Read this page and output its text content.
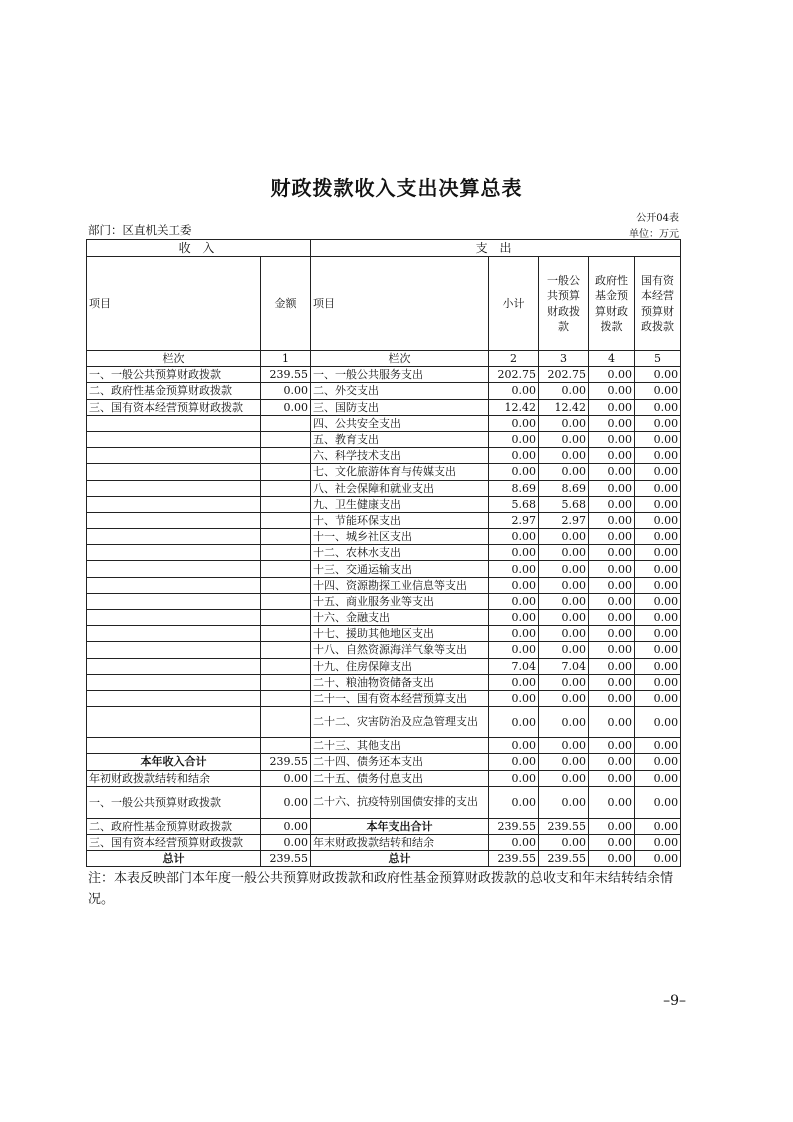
财政拨款收入支出决算总表
公开04表
部门：区直机关工委	单位：万元
收 入		支 出				
项目	金额	项目	小计	一般公共预算财政拨款	政府性基金预算财政拨款	国有资本经营预算财政拨款
栏次	1	栏次	2	3	4	5
一、一般公共预算财政拨款	239.55	一、一般公共服务支出	202.75	202.75	0.00	0.00
二、政府性基金预算财政拨款	0.00	二、外交支出	0.00	0.00	0.00	0.00
三、国有资本经营预算财政拨款	0.00	三、国防支出	12.42	12.42	0.00	0.00
		四、公共安全支出	0.00	0.00	0.00	0.00
		五、教育支出	0.00	0.00	0.00	0.00
		六、科学技术支出	0.00	0.00	0.00	0.00
		七、文化旅游体育与传媒支出	0.00	0.00	0.00	0.00
		八、社会保障和就业支出	8.69	8.69	0.00	0.00
		九、卫生健康支出	5.68	5.68	0.00	0.00
		十、节能环保支出	2.97	2.97	0.00	0.00
		十一、城乡社区支出	0.00	0.00	0.00	0.00
		十二、农林水支出	0.00	0.00	0.00	0.00
		十三、交通运输支出	0.00	0.00	0.00	0.00
		十四、资源勘探工业信息等支出	0.00	0.00	0.00	0.00
		十五、商业服务业等支出	0.00	0.00	0.00	0.00
		十六、金融支出	0.00	0.00	0.00	0.00
		十七、援助其他地区支出	0.00	0.00	0.00	0.00
		十八、自然资源海洋气象等支出	0.00	0.00	0.00	0.00
		十九、住房保障支出	7.04	7.04	0.00	0.00
		二十、粮油物资储备支出	0.00	0.00	0.00	0.00
		二十一、国有资本经营预算支出	0.00	0.00	0.00	0.00
		二十二、灾害防治及应急管理支出	0.00	0.00	0.00	0.00
		二十三、其他支出	0.00	0.00	0.00	0.00
本年收入合计	239.55	二十四、债务还本支出	0.00	0.00	0.00	0.00
年初财政拨款结转和结余	0.00	二十五、债务付息支出	0.00	0.00	0.00	0.00
一、一般公共预算财政拨款	0.00	二十六、抗疫特别国债安排的支出	0.00	0.00	0.00	0.00
二、政府性基金预算财政拨款	0.00	本年支出合计	239.55	239.55	0.00	0.00
三、国有资本经营预算财政拨款	0.00	年末财政拨款结转和结余	0.00	0.00	0.00	0.00
总计	239.55	总计	239.55	239.55	0.00	0.00
注：本表反映部门本年度一般公共预算财政拨款和政府性基金预算财政拨款的总收支和年末结转结余情况。
–9–
